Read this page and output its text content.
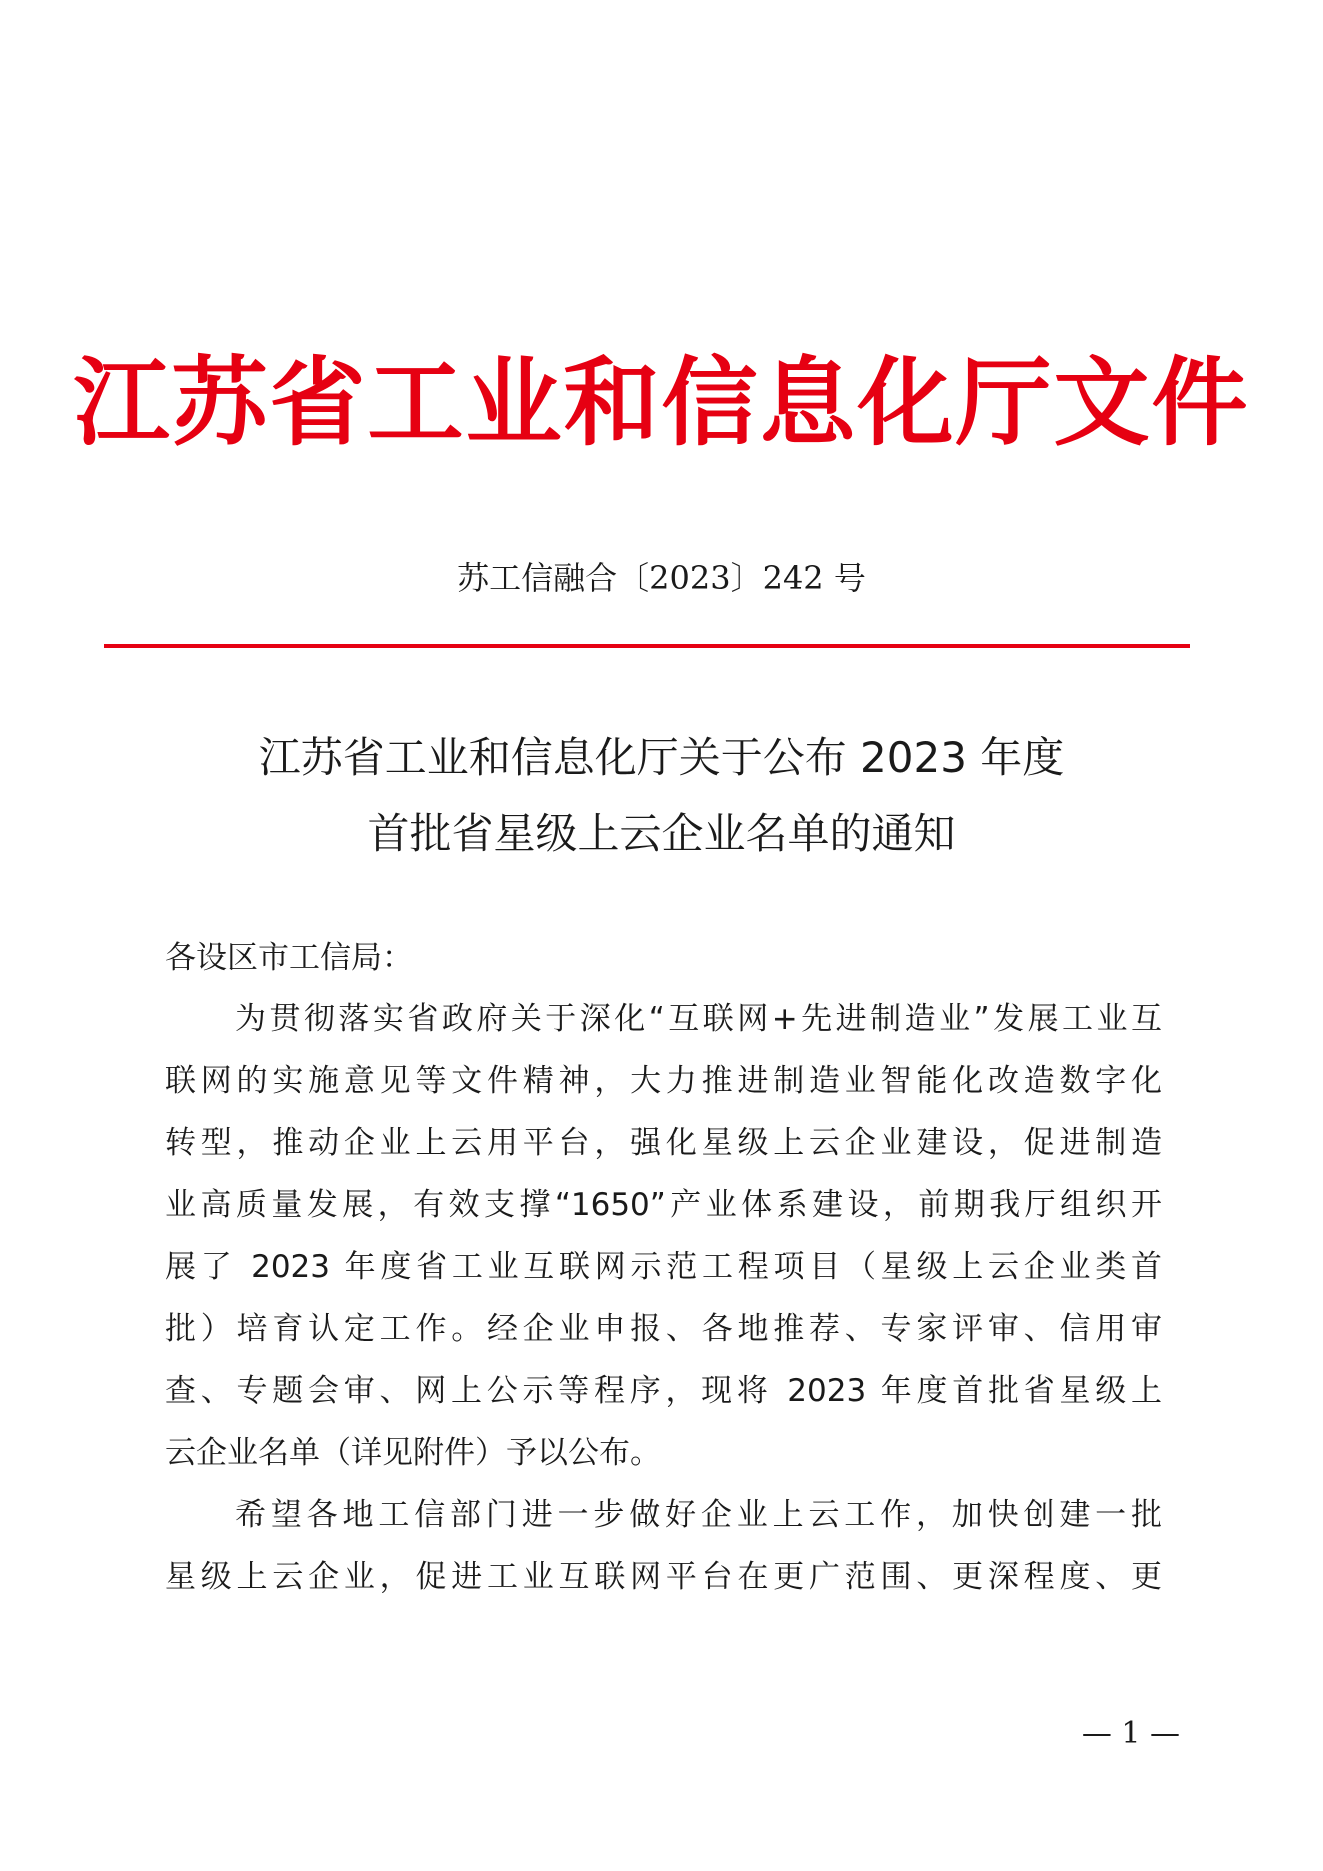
江苏省工业和信息化厅文件
苏工信融合〔2023〕242 号
江苏省工业和信息化厅关于公布 2023 年度
首批省星级上云企业名单的通知
各设区市工信局：
为贯彻落实省政府关于深化“互联网+先进制造业”发展工业互
联网的实施意见等文件精神，大力推进制造业智能化改造数字化
转型，推动企业上云用平台，强化星级上云企业建设，促进制造
业高质量发展，有效支撑“1650”产业体系建设，前期我厅组织开
展了 2023 年度省工业互联网示范工程项目（星级上云企业类首
批）培育认定工作。经企业申报、各地推荐、专家评审、信用审
查、专题会审、网上公示等程序，现将 2023 年度首批省星级上
云企业名单（详见附件）予以公布。
希望各地工信部门进一步做好企业上云工作，加快创建一批
星级上云企业，促进工业互联网平台在更广范围、更深程度、更
— 1 —
